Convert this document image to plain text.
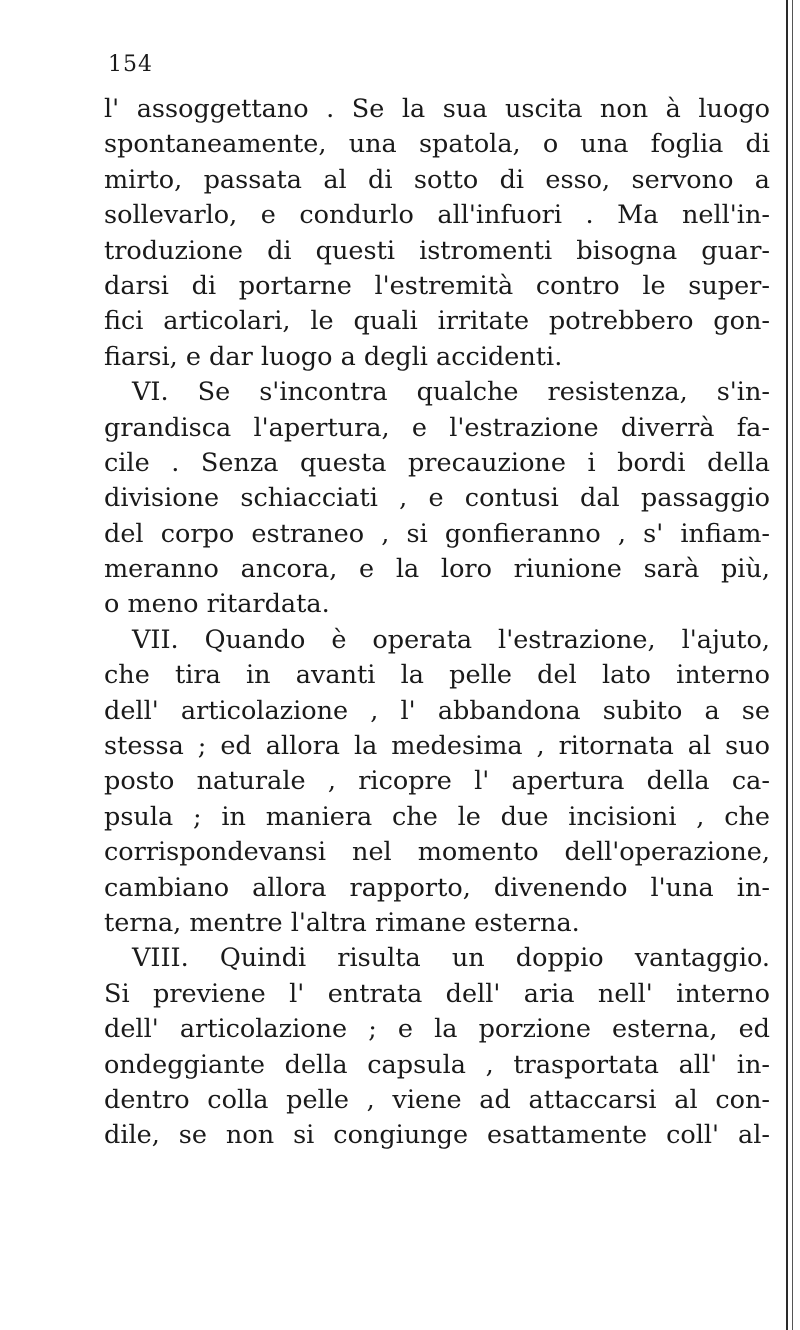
154
l' assoggettano . Se la sua uscita non à luogo
spontaneamente, una spatola, o una foglia di
mirto, passata al di sotto di esso, servono a
sollevarlo, e condurlo all'infuori . Ma nell'in-
troduzione di questi istromenti bisogna guar-
darsi di portarne l'estremità contro le super-
fici articolari, le quali irritate potrebbero gon-
fiarsi, e dar luogo a degli accidenti.
VI. Se s'incontra qualche resistenza, s'in-
grandisca l'apertura, e l'estrazione diverrà fa-
cile . Senza questa precauzione i bordi della
divisione schiacciati , e contusi dal passaggio
del corpo estraneo , si gonfieranno , s' infiam-
meranno ancora, e la loro riunione sarà più,
o meno ritardata.
VII. Quando è operata l'estrazione, l'ajuto,
che tira in avanti la pelle del lato interno
dell' articolazione , l' abbandona subito a se
stessa ; ed allora la medesima , ritornata al suo
posto naturale , ricopre l' apertura della ca-
psula ; in maniera che le due incisioni , che
corrispondevansi nel momento dell'operazione,
cambiano allora rapporto, divenendo l'una in-
terna, mentre l'altra rimane esterna.
VIII. Quindi risulta un doppio vantaggio.
Si previene l' entrata dell' aria nell' interno
dell' articolazione ; e la porzione esterna, ed
ondeggiante della capsula , trasportata all' in-
dentro colla pelle , viene ad attaccarsi al con-
dile, se non si congiunge esattamente coll' al-
